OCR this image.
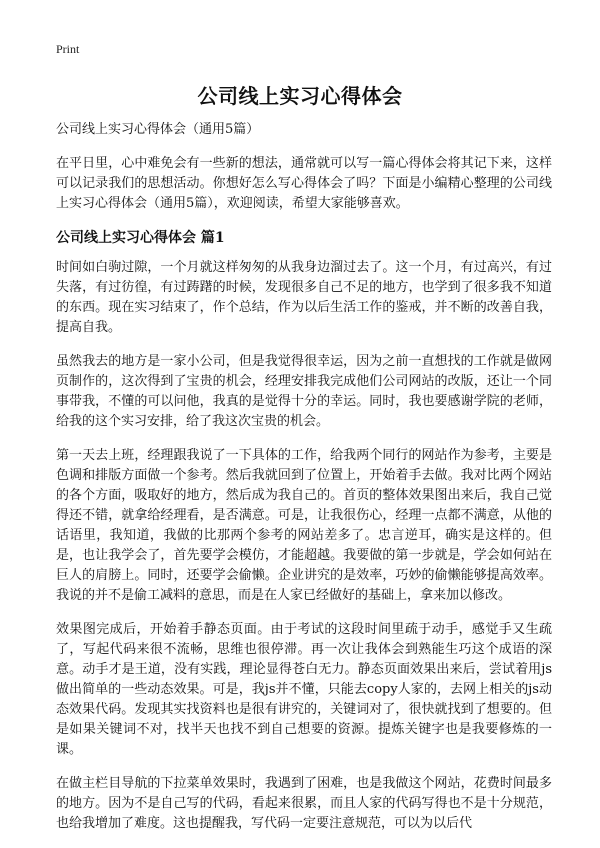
Print
公司线上实习心得体会
公司线上实习心得体会（通用5篇）

在平日里，心中难免会有一些新的想法，通常就可以写一篇心得体会将其记下来，这样可以记录我们的思想活动。你想好怎么写心得体会了吗？下面是小编精心整理的公司线上实习心得体会（通用5篇），欢迎阅读，希望大家能够喜欢。

公司线上实习心得体会 篇1

时间如白驹过隙，一个月就这样匆匆的从我身边溜过去了。这一个月，有过高兴，有过失落，有过彷徨，有过踌躇的时候，发现很多自己不足的地方，也学到了很多我不知道的东西。现在实习结束了，作个总结，作为以后生活工作的鉴戒，并不断的改善自我，提高自我。

虽然我去的地方是一家小公司，但是我觉得很幸运，因为之前一直想找的工作就是做网页制作的，这次得到了宝贵的机会，经理安排我完成他们公司网站的改版，还让一个同事带我，不懂的可以问他，我真的是觉得十分的幸运。同时，我也要感谢学院的老师，给我的这个实习安排，给了我这次宝贵的机会。

第一天去上班，经理跟我说了一下具体的工作，给我两个同行的网站作为参考，主要是色调和排版方面做一个参考。然后我就回到了位置上，开始着手去做。我对比两个网站的各个方面，吸取好的地方，然后成为我自己的。首页的整体效果图出来后，我自己觉得还不错，就拿给经理看，是否满意。可是，让我很伤心，经理一点都不满意，从他的话语里，我知道，我做的比那两个参考的网站差多了。忠言逆耳，确实是这样的。但是，也让我学会了，首先要学会模仿，才能超越。我要做的第一步就是，学会如何站在巨人的肩膀上。同时，还要学会偷懒。企业讲究的是效率，巧妙的偷懒能够提高效率。我说的并不是偷工减料的意思，而是在人家已经做好的基础上，拿来加以修改。

效果图完成后，开始着手静态页面。由于考试的这段时间里疏于动手，感觉手又生疏了，写起代码来很不流畅，思维也很停滞。再一次让我体会到熟能生巧这个成语的深意。动手才是王道，没有实践，理论显得苍白无力。静态页面效果出来后，尝试着用js做出简单的一些动态效果。可是，我js并不懂，只能去copy人家的，去网上相关的js动态效果代码。发现其实找资料也是很有讲究的，关键词对了，很快就找到了想要的。但是如果关键词不对，找半天也找不到自己想要的资源。提炼关键字也是我要修炼的一课。

在做主栏目导航的下拉菜单效果时，我遇到了困难，也是我做这个网站，花费时间最多的地方。因为不是自己写的代码，看起来很累，而且人家的代码写得也不是十分规范，也给我增加了难度。这也提醒我，写代码一定要注意规范，可以为以后代
